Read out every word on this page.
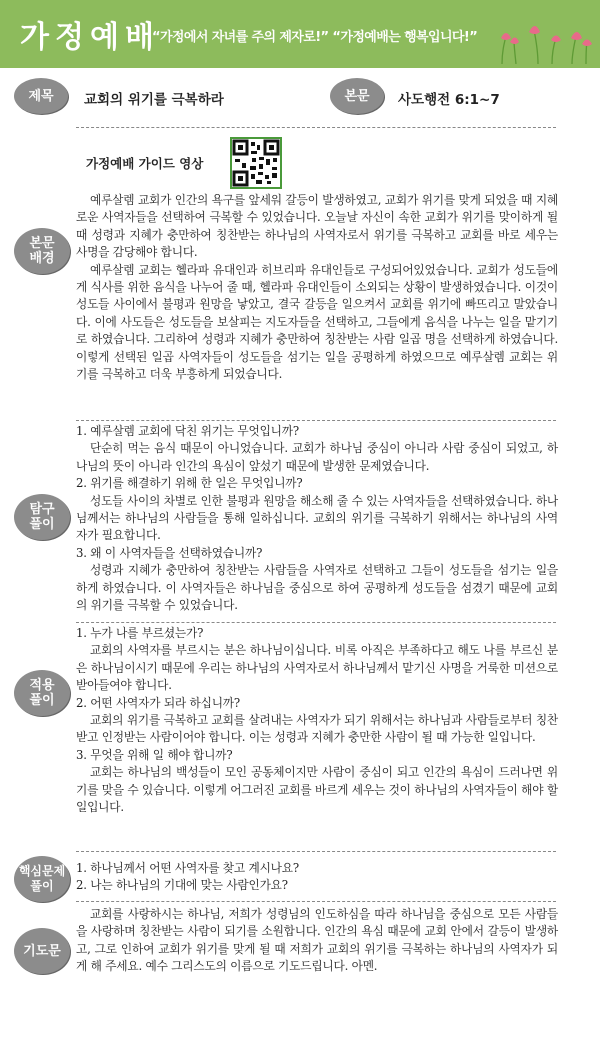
가정예배
“가정에서 자녀를 주의 제자로!” “가정예배는 행복입니다!”
제목	교회의 위기를 극복하라	본문	사도행전 6:1~7
가정예배 가이드 영상
본문
배경

예루살렘 교회가 인간의 욕구를 앞세워 갈등이 발생하였고, 교회가 위기를 맞게 되었을 때 지혜로운 사역자들을 선택하여 극복할 수 있었습니다. 오늘날 자신이 속한 교회가 위기를 맞이하게 될 때 성령과 지혜가 충만하여 칭찬받는 하나님의 사역자로서 위기를 극복하고 교회를 바로 세우는 사명을 감당해야 합니다.

예루살렘 교회는 헬라파 유대인과 히브리파 유대인들로 구성되어있었습니다. 교회가 성도들에게 식사를 위한 음식을 나누어 줄 때, 헬라파 유대인들이 소외되는 상황이 발생하였습니다. 이것이 성도들 사이에서 불평과 원망을 낳았고, 결국 갈등을 일으켜서 교회를 위기에 빠뜨리고 말았습니다. 이에 사도들은 성도들을 보살피는 지도자들을 선택하고, 그들에게 음식을 나누는 일을 맡기기로 하였습니다. 그리하여 성령과 지혜가 충만하여 칭찬받는 사람 일곱 명을 선택하게 하였습니다. 이렇게 선택된 일곱 사역자들이 성도들을 섬기는 일을 공평하게 하였으므로 예루살렘 교회는 위기를 극복하고 더욱 부흥하게 되었습니다.

탐구
풀이
1. 예루살렘 교회에 닥친 위기는 무엇입니까?
단순히 먹는 음식 때문이 아니었습니다. 교회가 하나님 중심이 아니라 사람 중심이 되었고, 하나님의 뜻이 아니라 인간의 욕심이 앞섰기 때문에 발생한 문제였습니다.
2. 위기를 해결하기 위해 한 일은 무엇입니까?
성도들 사이의 차별로 인한 불평과 원망을 해소해 줄 수 있는 사역자들을 선택하였습니다. 하나님께서는 하나님의 사람들을 통해 일하십니다. 교회의 위기를 극복하기 위해서는 하나님의 사역자가 필요합니다.
3. 왜 이 사역자들을 선택하였습니까?
성령과 지혜가 충만하여 칭찬받는 사람들을 사역자로 선택하고 그들이 성도들을 섬기는 일을 하게 하였습니다. 이 사역자들은 하나님을 중심으로 하여 공평하게 성도들을 섬겼기 때문에 교회의 위기를 극복할 수 있었습니다.
적용
풀이
1. 누가 나를 부르셨는가?
교회의 사역자를 부르시는 분은 하나님이십니다. 비록 아직은 부족하다고 해도 나를 부르신 분은 하나님이시기 때문에 우리는 하나님의 사역자로서 하나님께서 맡기신 사명을 거룩한 미션으로 받아들여야 합니다.
2. 어떤 사역자가 되라 하십니까?
교회의 위기를 극복하고 교회를 살려내는 사역자가 되기 위해서는 하나님과 사람들로부터 칭찬받고 인정받는 사람이어야 합니다. 이는 성령과 지혜가 충만한 사람이 될 때 가능한 일입니다.
3. 무엇을 위해 일 해야 합니까?
교회는 하나님의 백성들이 모인 공동체이지만 사람이 중심이 되고 인간의 욕심이 드러나면 위기를 맞을 수 있습니다. 이렇게 어그러진 교회를 바르게 세우는 것이 하나님의 사역자들이 해야 할 일입니다.
핵심문제
풀이
1. 하나님께서 어떤 사역자를 찾고 계시나요?
2. 나는 하나님의 기대에 맞는 사람인가요?
기도문

교회를 사랑하시는 하나님, 저희가 성령님의 인도하심을 따라 하나님을 중심으로 모든 사람들을 사랑하며 칭찬받는 사람이 되기를 소원합니다. 인간의 욕심 때문에 교회 안에서 갈등이 발생하고, 그로 인하여 교회가 위기를 맞게 될 때 저희가 교회의 위기를 극복하는 하나님의 사역자가 되게 해 주세요. 예수 그리스도의 이름으로 기도드립니다. 아멘.
